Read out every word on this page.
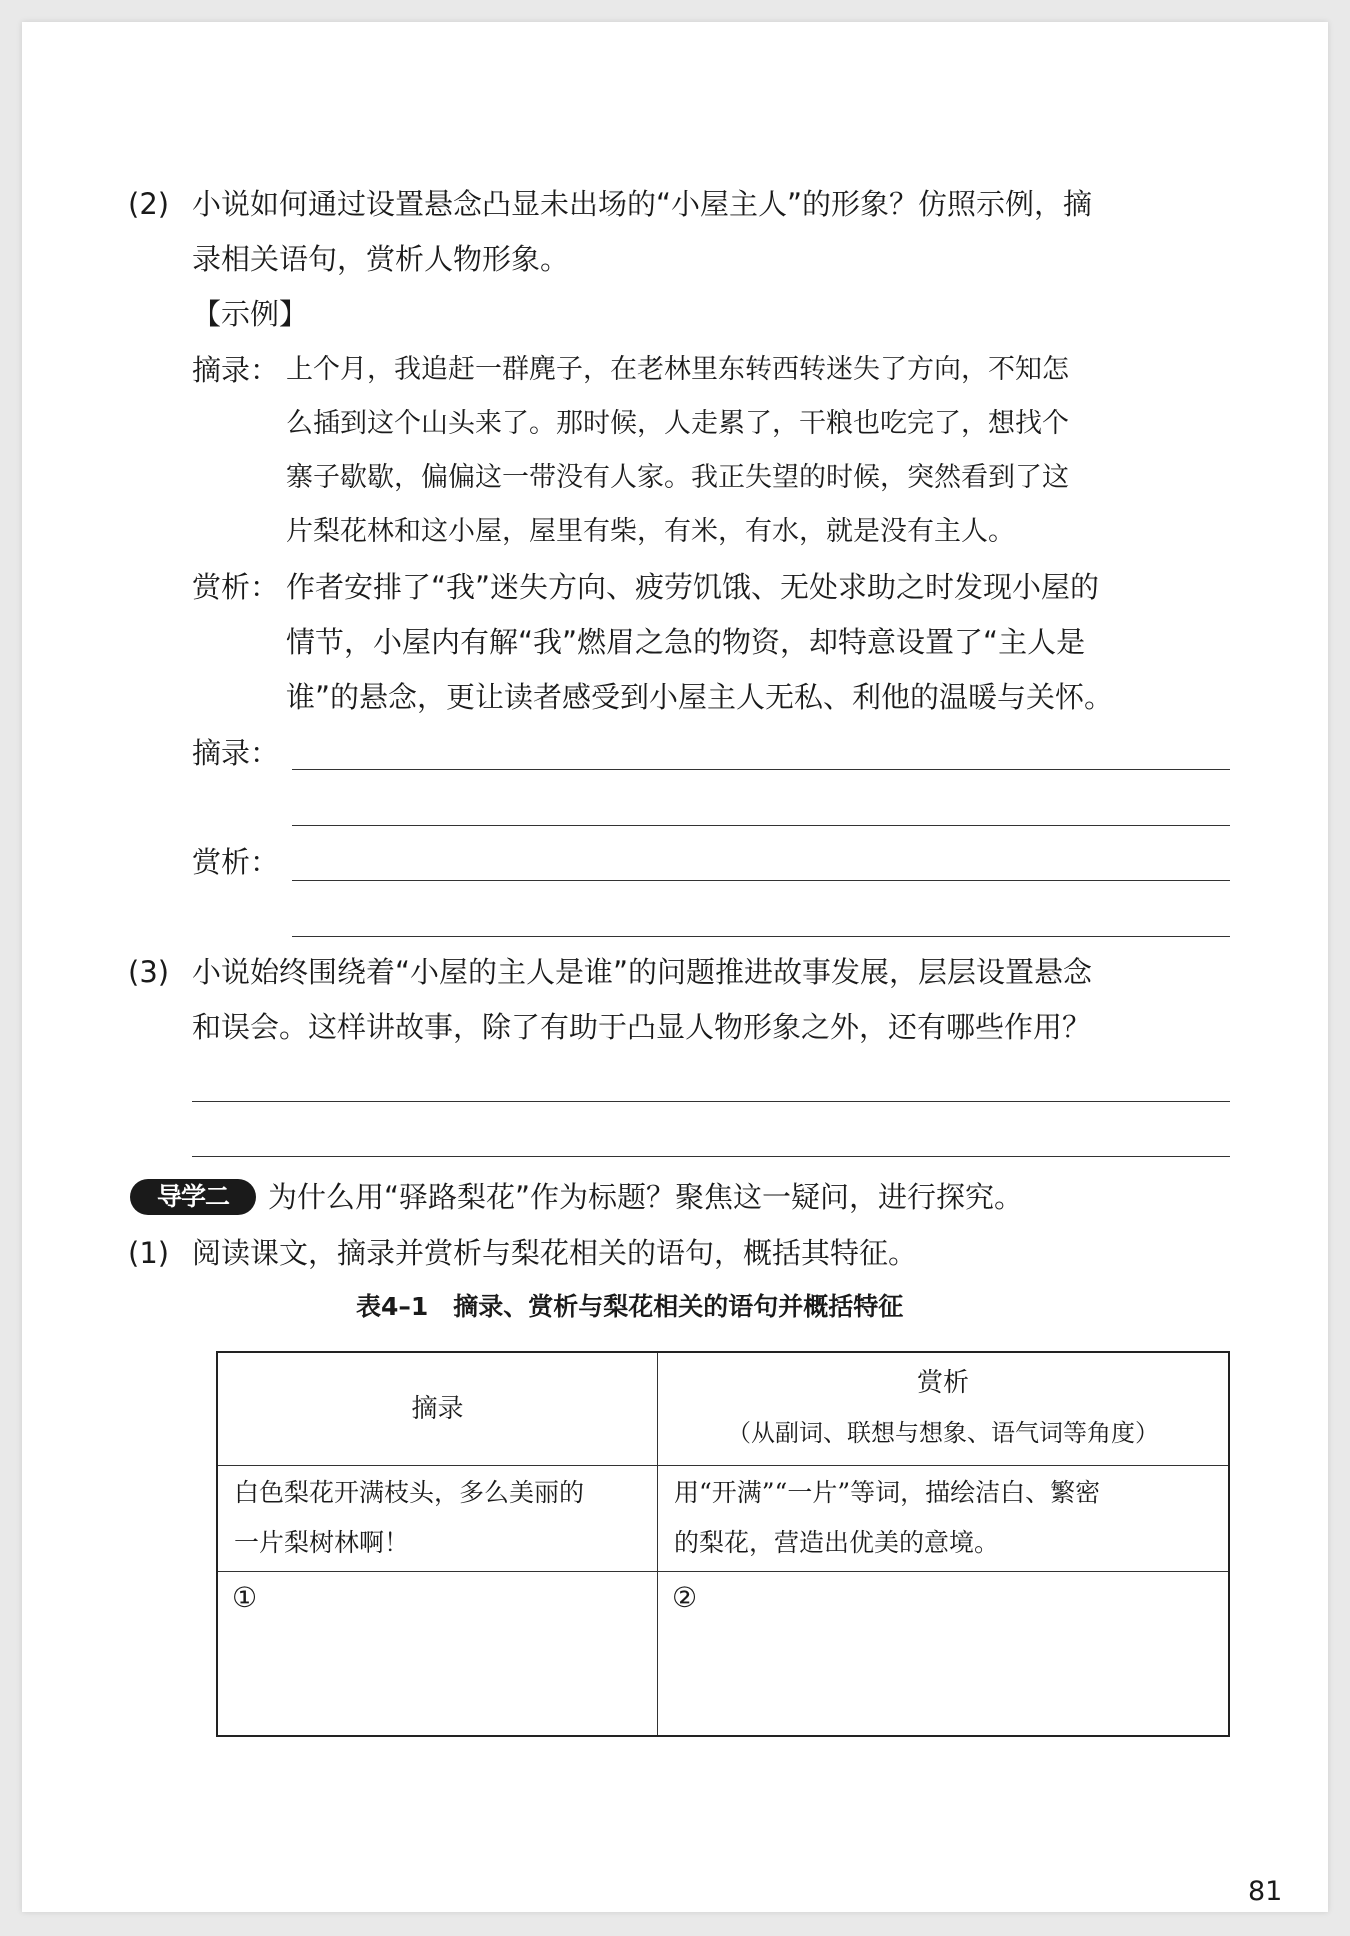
(2) 小说如何通过设置悬念凸显未出场的“小屋主人”的形象？仿照示例，摘
录相关语句，赏析人物形象。
【示例】
摘录： 上个月，我追赶一群麂子，在老林里东转西转迷失了方向，不知怎
么插到这个山头来了。那时候，人走累了，干粮也吃完了，想找个
寨子歇歇，偏偏这一带没有人家。我正失望的时候，突然看到了这
片梨花林和这小屋，屋里有柴，有米，有水，就是没有主人。
赏析： 作者安排了“我”迷失方向、疲劳饥饿、无处求助之时发现小屋的
情节，小屋内有解“我”燃眉之急的物资，却特意设置了“主人是
谁”的悬念，更让读者感受到小屋主人无私、利他的温暖与关怀。
摘录：
赏析：
(3) 小说始终围绕着“小屋的主人是谁”的问题推进故事发展，层层设置悬念
和误会。这样讲故事，除了有助于凸显人物形象之外，还有哪些作用？
导学二	为什么用“驿路梨花”作为标题？聚焦这一疑问，进行探究。
(1) 阅读课文，摘录并赏析与梨花相关的语句，概括其特征。
表4–1　摘录、赏析与梨花相关的语句并概括特征
摘录
赏析
（从副词、联想与想象、语气词等角度）
白色梨花开满枝头，多么美丽的
一片梨树林啊！
用“开满”“一片”等词，描绘洁白、繁密
的梨花，营造出优美的意境。
①	②
81
